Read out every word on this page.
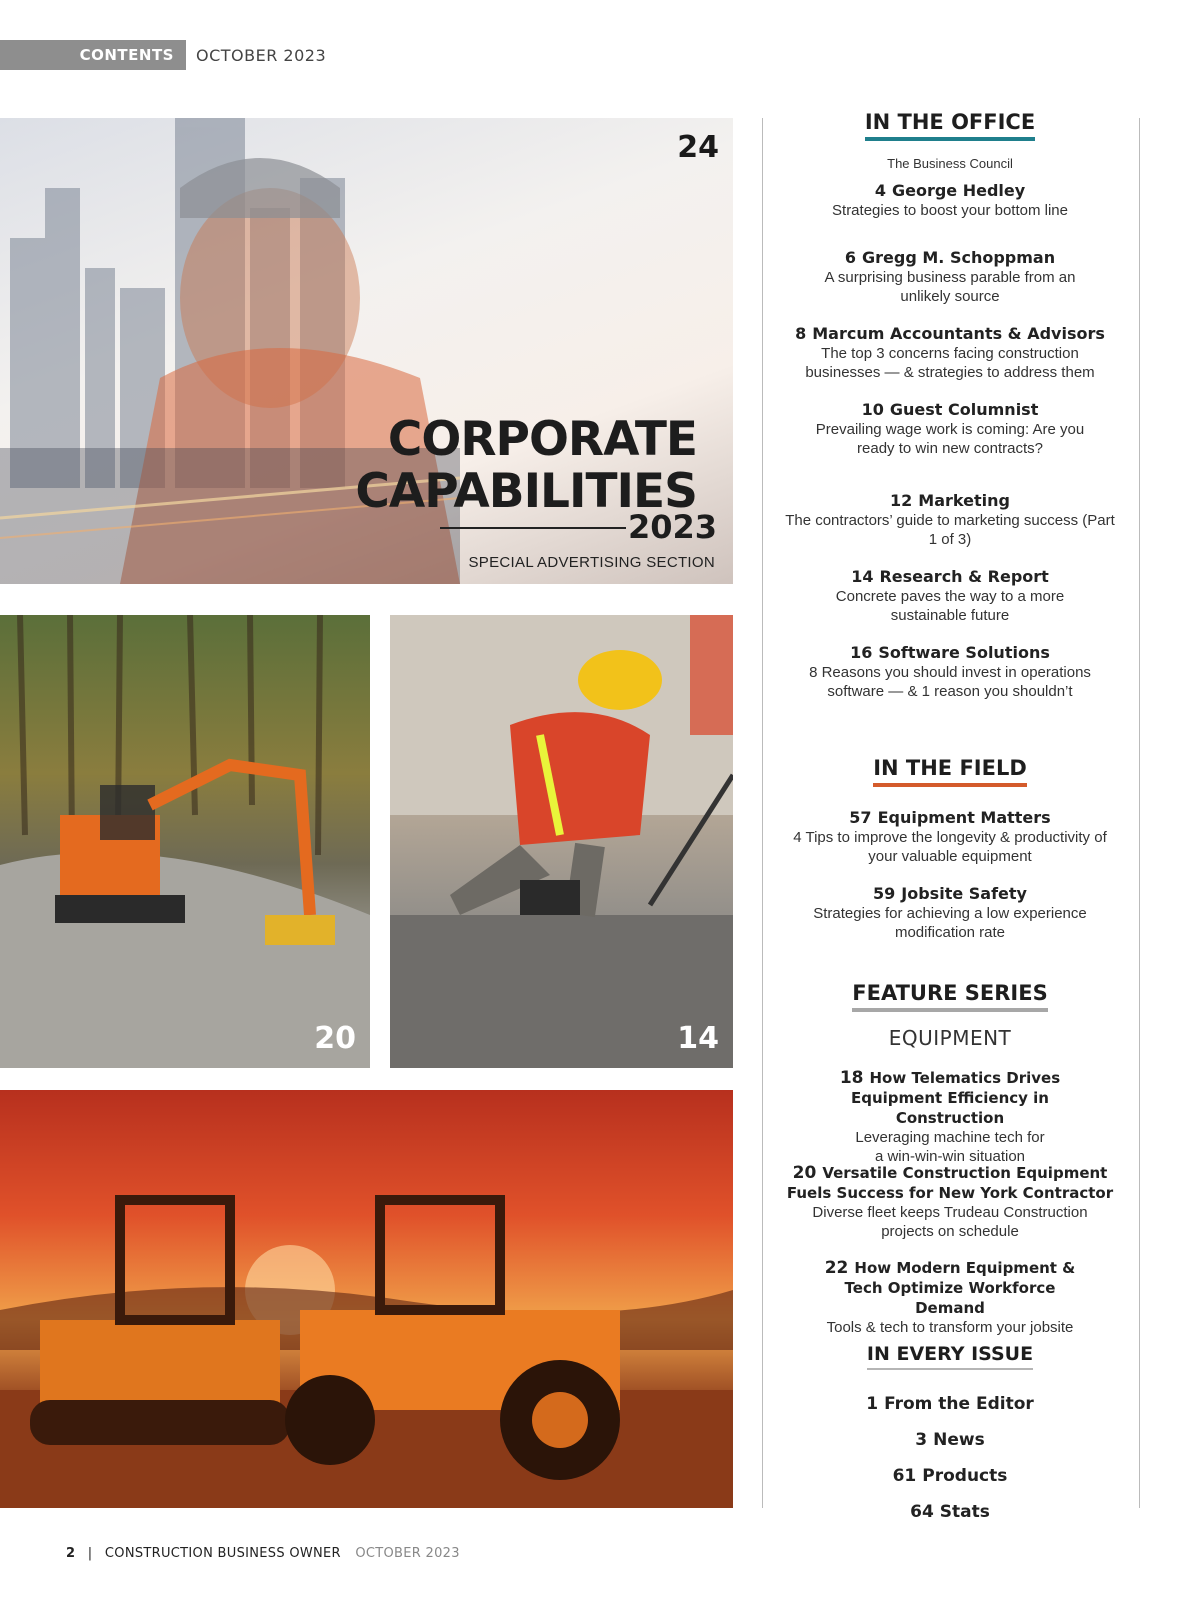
CONTENTS OCTOBER 2023
24
CORPORATE
CAPABILITIES
2023
SPECIAL ADVERTISING SECTION
20	14
IN THE OFFICE
The Business Council
4 George Hedley
Strategies to boost your bottom line
6 Gregg M. Schoppman
A surprising business parable from an unlikely source
8 Marcum Accountants & Advisors
The top 3 concerns facing construction businesses — & strategies to address them
10 Guest Columnist
Prevailing wage work is coming: Are you ready to win new contracts?
12 Marketing
The contractors’ guide to marketing success (Part 1 of 3)
14 Research & Report
Concrete paves the way to a more sustainable future
16 Software Solutions
8 Reasons you should invest in operations software — & 1 reason you shouldn’t
IN THE FIELD
57 Equipment Matters
4 Tips to improve the longevity & productivity of your valuable equipment
59 Jobsite Safety
Strategies for achieving a low experience modification rate
FEATURE SERIES
EQUIPMENT
18 How Telematics Drives Equipment Efficiency in Construction
Leveraging machine tech for a win-win-win situation
20 Versatile Construction Equipment Fuels Success for New York Contractor
Diverse fleet keeps Trudeau Construction projects on schedule
22 How Modern Equipment & Tech Optimize Workforce Demand
Tools & tech to transform your jobsite
IN EVERY ISSUE
1 From the Editor
3 News
61 Products
64 Stats
2 | CONSTRUCTION BUSINESS OWNER OCTOBER 2023
